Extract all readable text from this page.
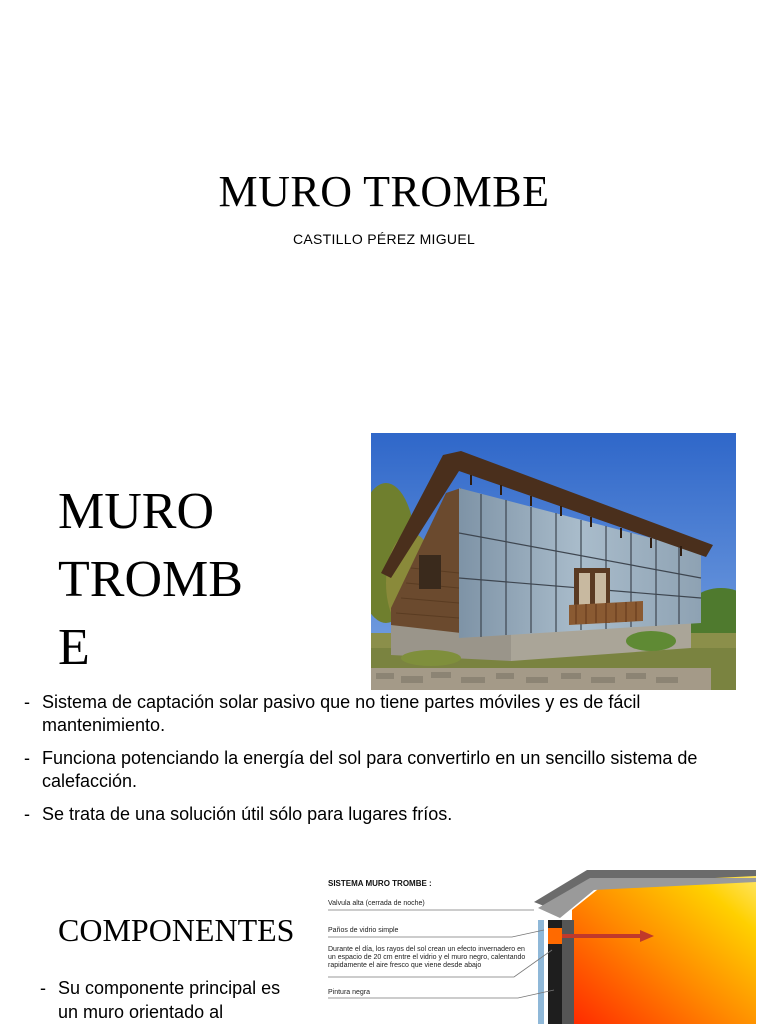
MURO TROMBE
CASTILLO PÉREZ MIGUEL
MURO
TROMB
E
- Sistema de captación solar pasivo que no tiene partes móviles y es de fácil mantenimiento.
- Funciona potenciando la energía del sol para convertirlo en un sencillo sistema de calefacción.
- Se trata de una solución útil sólo para lugares fríos.
COMPONENTES
- Su componente principal es un muro orientado al
SISTEMA MURO TROMBE :
Valvula alta (cerrada de noche)
Paños de vidrio simple
Durante el día, los rayos del sol crean un efecto invernadero en un espacio de 20 cm entre el vidrio y el muro negro, calentando rapidamente el aire fresco que viene desde abajo
Pintura negra
